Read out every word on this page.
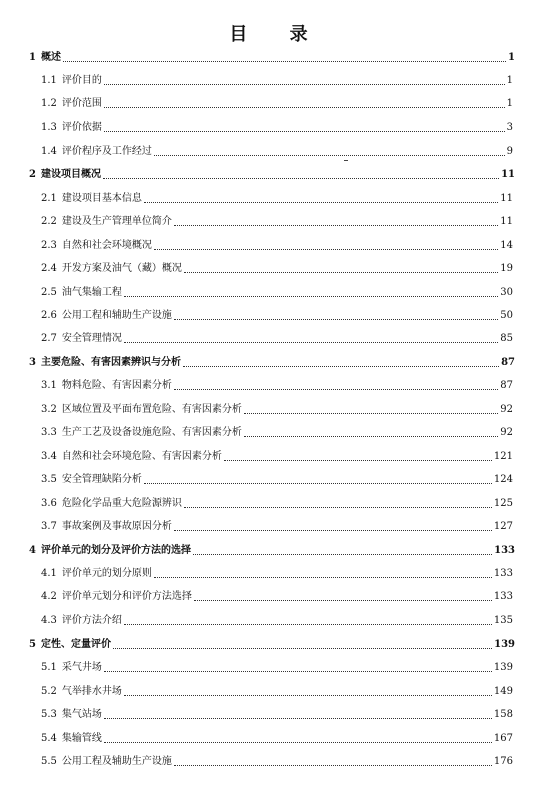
目 录
1 概述	1
1.1 评价目的	1
1.2 评价范围	1
1.3 评价依据	3
1.4 评价程序及工作经过	9
2 建设项目概况	11
2.1 建设项目基本信息	11
2.2 建设及生产管理单位简介	11
2.3 自然和社会环境概况	14
2.4 开发方案及油气（藏）概况	19
2.5 油气集输工程	30
2.6 公用工程和辅助生产设施	50
2.7 安全管理情况	85
3 主要危险、有害因素辨识与分析	87
3.1 物料危险、有害因素分析	87
3.2 区域位置及平面布置危险、有害因素分析	92
3.3 生产工艺及设备设施危险、有害因素分析	92
3.4 自然和社会环境危险、有害因素分析	121
3.5 安全管理缺陷分析	124
3.6 危险化学品重大危险源辨识	125
3.7 事故案例及事故原因分析	127
4 评价单元的划分及评价方法的选择	133
4.1 评价单元的划分原则	133
4.2 评价单元划分和评价方法选择	133
4.3 评价方法介绍	135
5 定性、定量评价	139
5.1 采气井场	139
5.2 气举排水井场	149
5.3 集气站场	158
5.4 集输管线	167
5.5 公用工程及辅助生产设施	176
